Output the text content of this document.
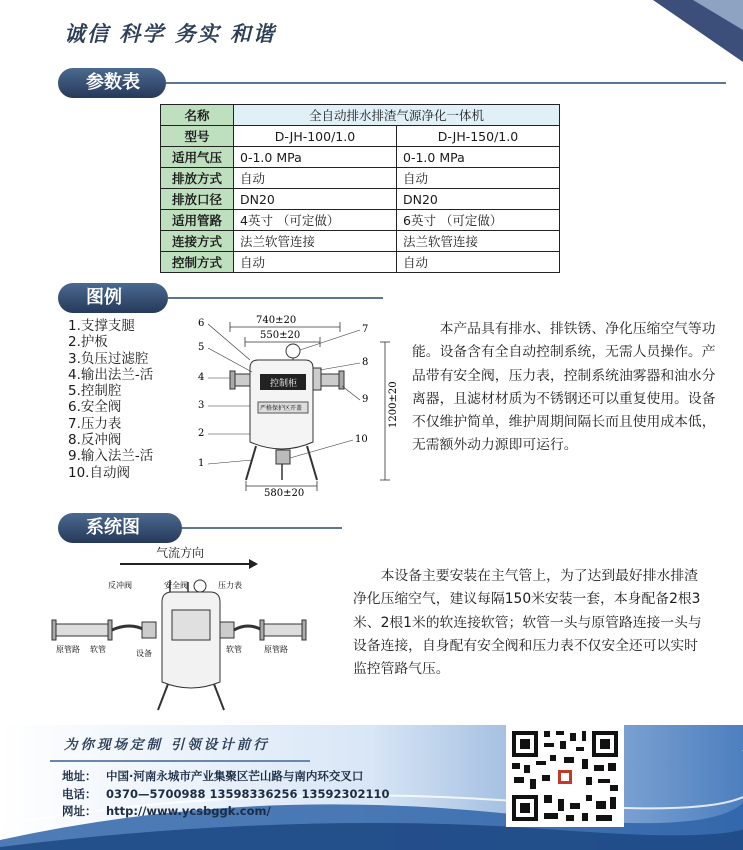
诚信 科学 务实 和谐
参数表
名称	全自动排水排渣气源净化一体机	
型号	D-JH-100/1.0	D-JH-150/1.0
适用气压	0-1.0 MPa	0-1.0 MPa
排放方式	自动	自动
排放口径	DN20	DN20
适用管路	4英寸 （可定做）	6英寸 （可定做）
连接方式	法兰软管连接	法兰软管连接
控制方式	自动	自动
图例
1.支撑支腿
2.护板
3.负压过滤腔
4.输出法兰-活
5.控制腔
6.安全阀
7.压力表
8.反冲阀
9.输入法兰-活
10.自动阀
740±20
550±20
控制柜
严格保护区开盖
580±20
1200±20
6
5
4
3
2
1
7
8
9
10
本产品具有排水、排铁锈、净化压缩空气等功能。设备含有全自动控制系统，无需人员操作。产品带有安全阀，压力表，控制系统油雾器和油水分离器，且滤材材质为不锈钢还可以重复使用。设备不仅维护简单，维护周期间隔长而且使用成本低，无需额外动力源即可运行。
系统图
气流方向
反冲阀	安全阀	压力表
原管路 软管	设备	软管	原管路
本设备主要安装在主气管上，为了达到最好排水排渣净化压缩空气，建议每隔150米安装一套，本身配备2根3米、2根1米的软连接软管；软管一头与原管路连接一头与设备连接，自身配有安全阀和压力表不仅安全还可以实时监控管路气压。
为你现场定制 引领设计前行
地址： 中国·河南永城市产业集聚区芒山路与南内环交叉口
电话： 0370—5700988 13598336256 13592302110
网址： http://www.ycsbggk.com/
